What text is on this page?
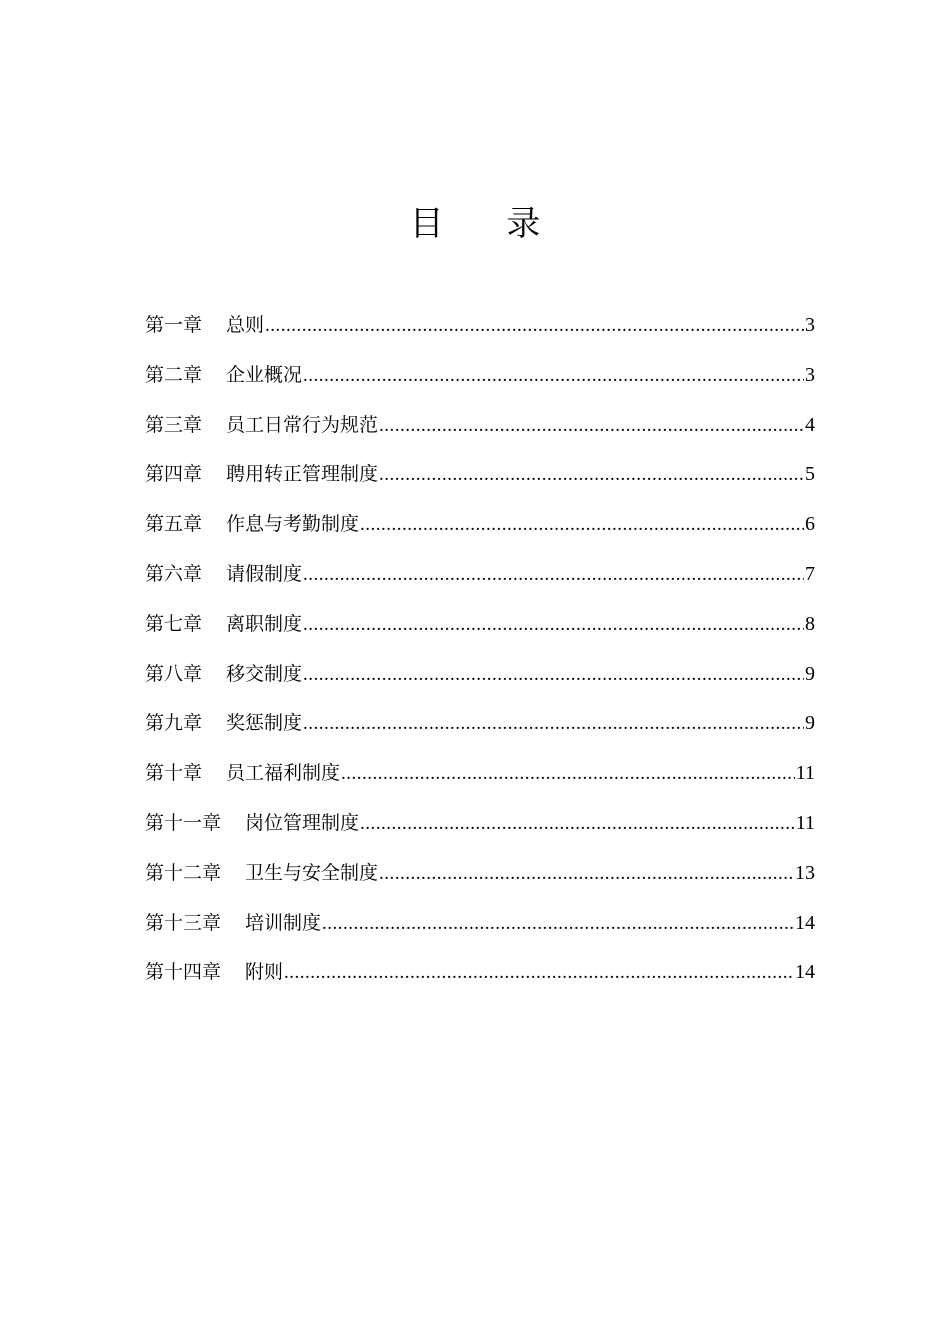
目 录
第一章 总则 .....	3
第二章 企业概况 .....	3
第三章 员工日常行为规范 .....	4
第四章 聘用转正管理制度 .....	5
第五章 作息与考勤制度 .....	6
第六章 请假制度 .....	7
第七章 离职制度 .....	8
第八章 移交制度 .....	9
第九章 奖惩制度 .....	9
第十章 员工福利制度 .....	11
第十一章 岗位管理制度 .....	11
第十二章 卫生与安全制度 .....	13
第十三章 培训制度 .....	14
第十四章 附则 .....	14
